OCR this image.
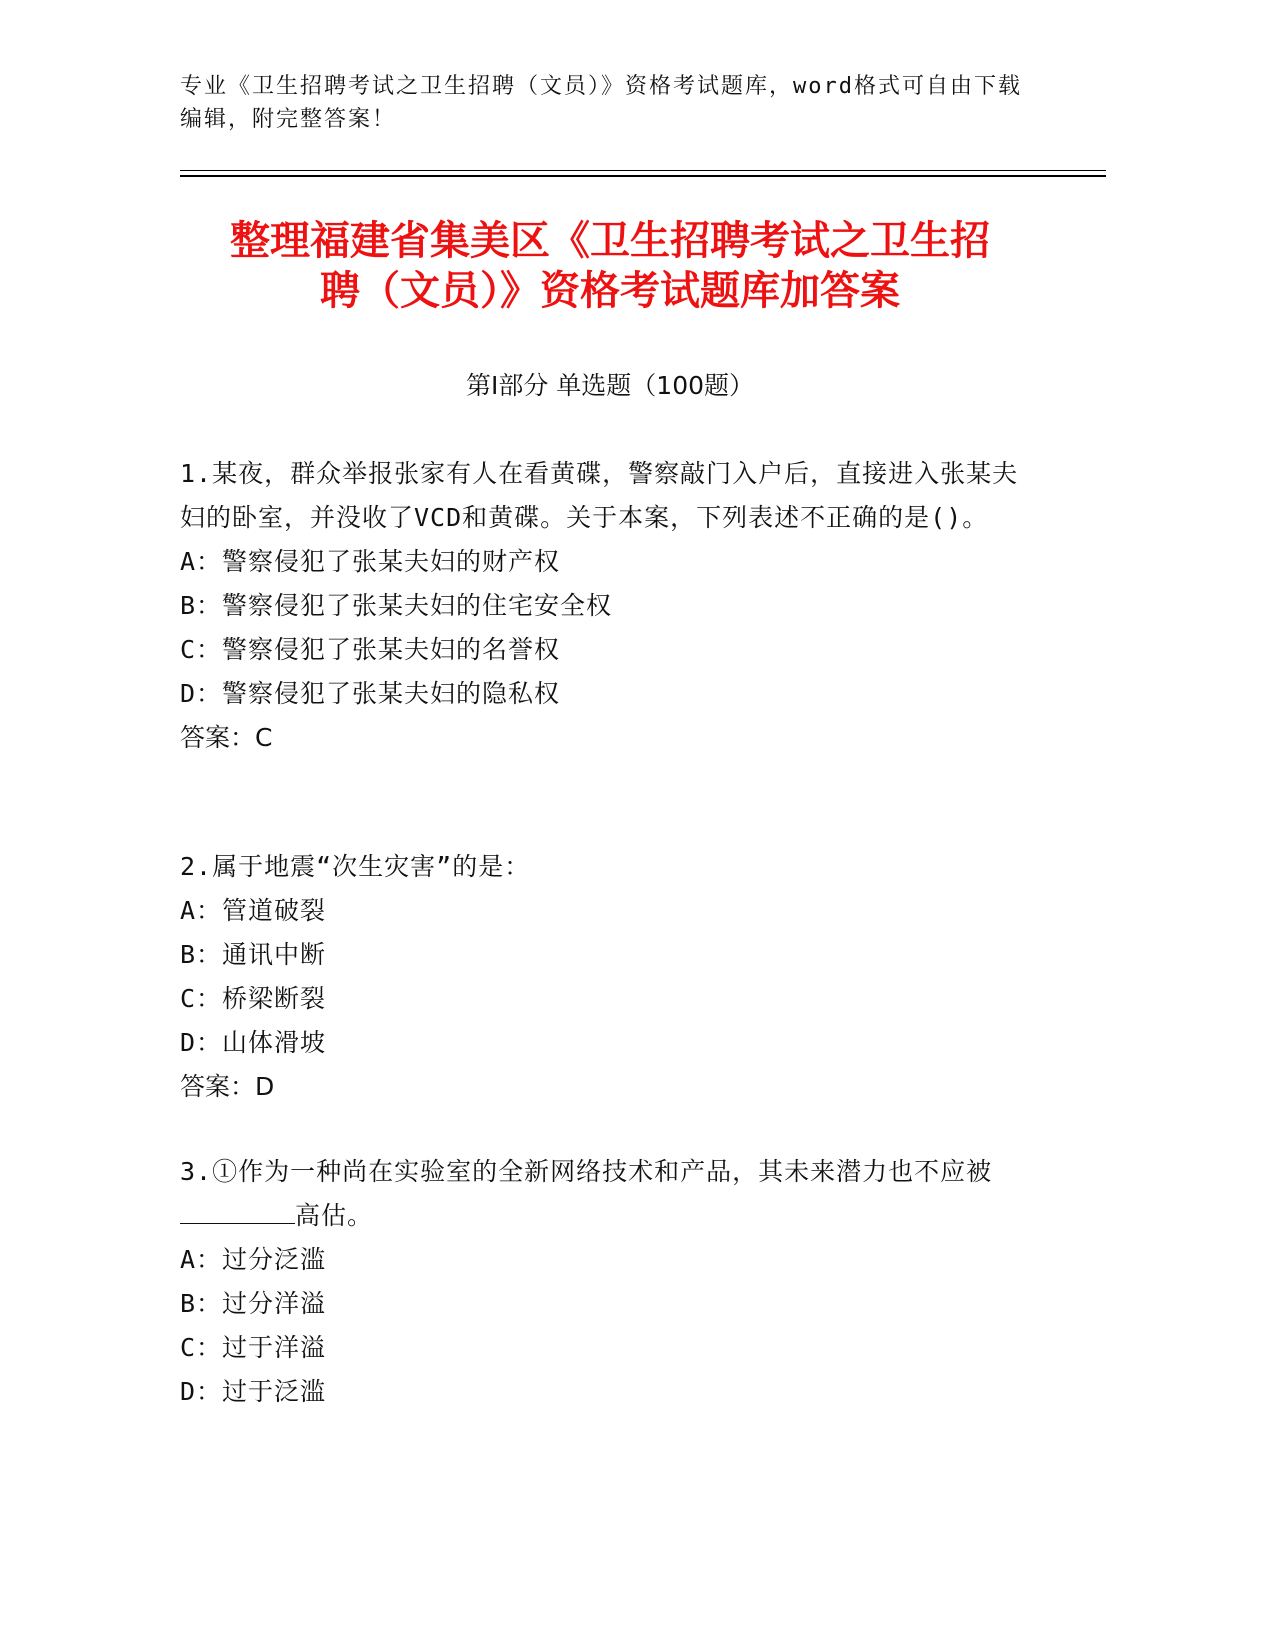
专业《卫生招聘考试之卫生招聘（文员）》资格考试题库，word格式可自由下载
编辑，附完整答案！
整理福建省集美区《卫生招聘考试之卫生招
聘（文员）》资格考试题库加答案
第Ⅰ部分 单选题（100题）
1.某夜，群众举报张家有人在看黄碟，警察敲门入户后，直接进入张某夫妇的卧室，并没收了VCD和黄碟。关于本案，下列表述不正确的是()。
A：警察侵犯了张某夫妇的财产权
B：警察侵犯了张某夫妇的住宅安全权
C：警察侵犯了张某夫妇的名誉权
D：警察侵犯了张某夫妇的隐私权
答案：C
2.属于地震“次生灾害”的是：
A：管道破裂
B：通讯中断
C：桥梁断裂
D：山体滑坡
答案：D
3.①作为一种尚在实验室的全新网络技术和产品，其未来潜力也不应被高估。
A：过分泛滥
B：过分洋溢
C：过于洋溢
D：过于泛滥
